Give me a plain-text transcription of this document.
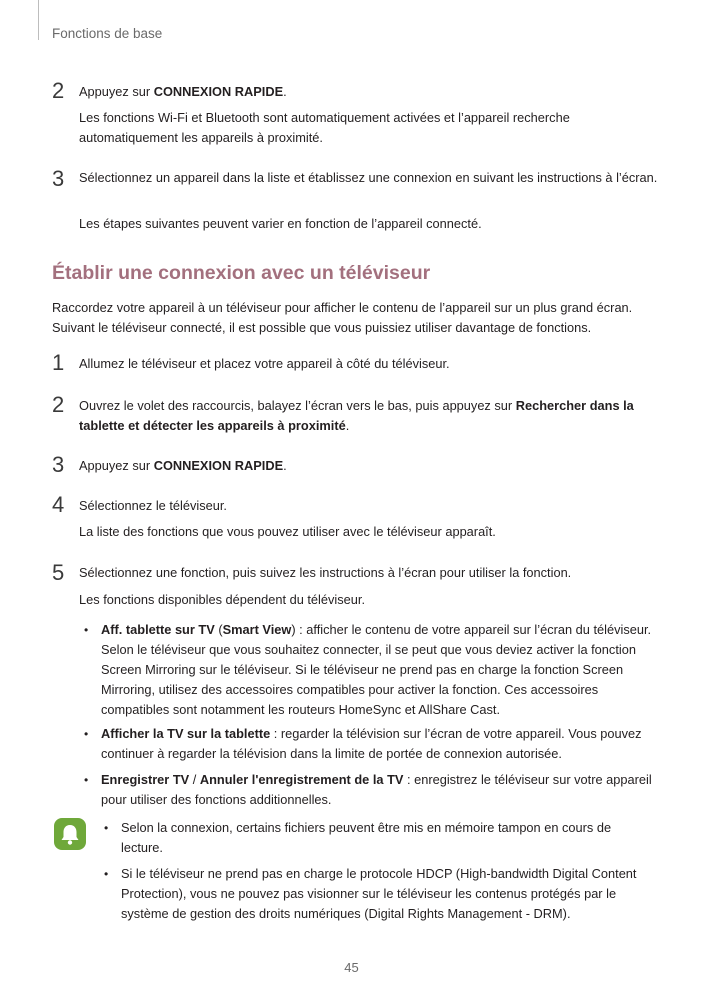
Fonctions de base
2 Appuyez sur CONNEXION RAPIDE.
Les fonctions Wi-Fi et Bluetooth sont automatiquement activées et l’appareil recherche automatiquement les appareils à proximité.
3 Sélectionnez un appareil dans la liste et établissez une connexion en suivant les instructions à l’écran.
Les étapes suivantes peuvent varier en fonction de l’appareil connecté.
Établir une connexion avec un téléviseur
Raccordez votre appareil à un téléviseur pour afficher le contenu de l’appareil sur un plus grand écran. Suivant le téléviseur connecté, il est possible que vous puissiez utiliser davantage de fonctions.
1 Allumez le téléviseur et placez votre appareil à côté du téléviseur.
2 Ouvrez le volet des raccourcis, balayez l’écran vers le bas, puis appuyez sur Rechercher dans la tablette et détecter les appareils à proximité.
3 Appuyez sur CONNEXION RAPIDE.
4 Sélectionnez le téléviseur.
La liste des fonctions que vous pouvez utiliser avec le téléviseur apparaît.
5 Sélectionnez une fonction, puis suivez les instructions à l’écran pour utiliser la fonction.
Les fonctions disponibles dépendent du téléviseur.
• Aff. tablette sur TV (Smart View) : afficher le contenu de votre appareil sur l’écran du téléviseur. Selon le téléviseur que vous souhaitez connecter, il se peut que vous deviez activer la fonction Screen Mirroring sur le téléviseur. Si le téléviseur ne prend pas en charge la fonction Screen Mirroring, utilisez des accessoires compatibles pour activer la fonction. Ces accessoires compatibles sont notamment les routeurs HomeSync et AllShare Cast.
• Afficher la TV sur la tablette : regarder la télévision sur l’écran de votre appareil. Vous pouvez continuer à regarder la télévision dans la limite de portée de connexion autorisée.
• Enregistrer TV / Annuler l'enregistrement de la TV : enregistrez le téléviseur sur votre appareil pour utiliser des fonctions additionnelles.
• Selon la connexion, certains fichiers peuvent être mis en mémoire tampon en cours de lecture.
• Si le téléviseur ne prend pas en charge le protocole HDCP (High-bandwidth Digital Content Protection), vous ne pouvez pas visionner sur le téléviseur les contenus protégés par le système de gestion des droits numériques (Digital Rights Management - DRM).
45
